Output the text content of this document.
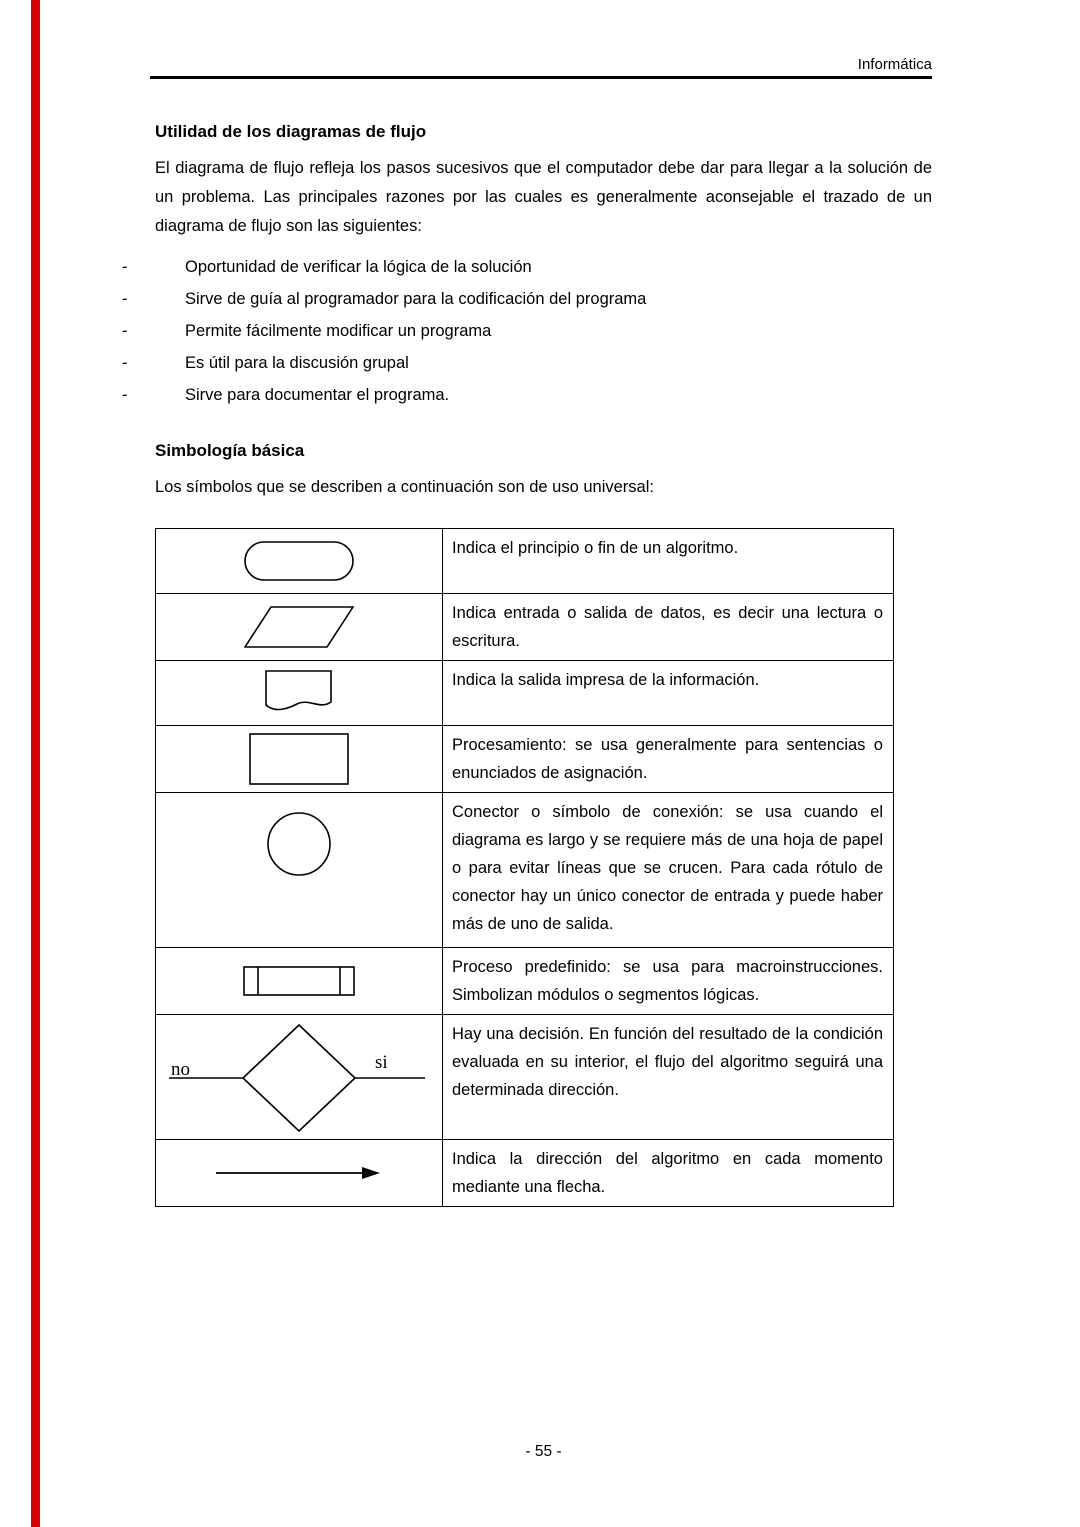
Informática
Utilidad de los diagramas de flujo

El diagrama de flujo refleja los pasos sucesivos que el computador debe dar para llegar a la solución de un problema. Las principales razones por las cuales es generalmente aconsejable el trazado de un diagrama de flujo son las siguientes:

-	Oportunidad de verificar la lógica de la solución
-	Sirve de guía al programador para la codificación del programa
-	Permite fácilmente modificar un programa
-	Es útil para la discusión grupal
-	Sirve para documentar el programa.
Simbología básica

Los símbolos que se describen a continuación son de uso universal:

	Indica el principio o fin de un algoritmo.

	Indica entrada o salida de datos, es decir una lectura o escritura.

	Indica la salida impresa de la información.

	Procesamiento: se usa generalmente para sentencias o enunciados de asignación.

	Conector o símbolo de conexión: se usa cuando el diagrama es largo y se requiere más de una hoja de papel o para evitar líneas que se crucen. Para cada rótulo de conector hay un único conector de entrada y puede haber más de uno de salida.

	Proceso predefinido: se usa para macroinstrucciones. Simbolizan módulos o segmentos lógicas.

no si	Hay una decisión. En función del resultado de la condición evaluada en su interior, el flujo del algoritmo seguirá una determinada dirección.

	Indica la dirección del algoritmo en cada momento mediante una flecha.
- 55 -
